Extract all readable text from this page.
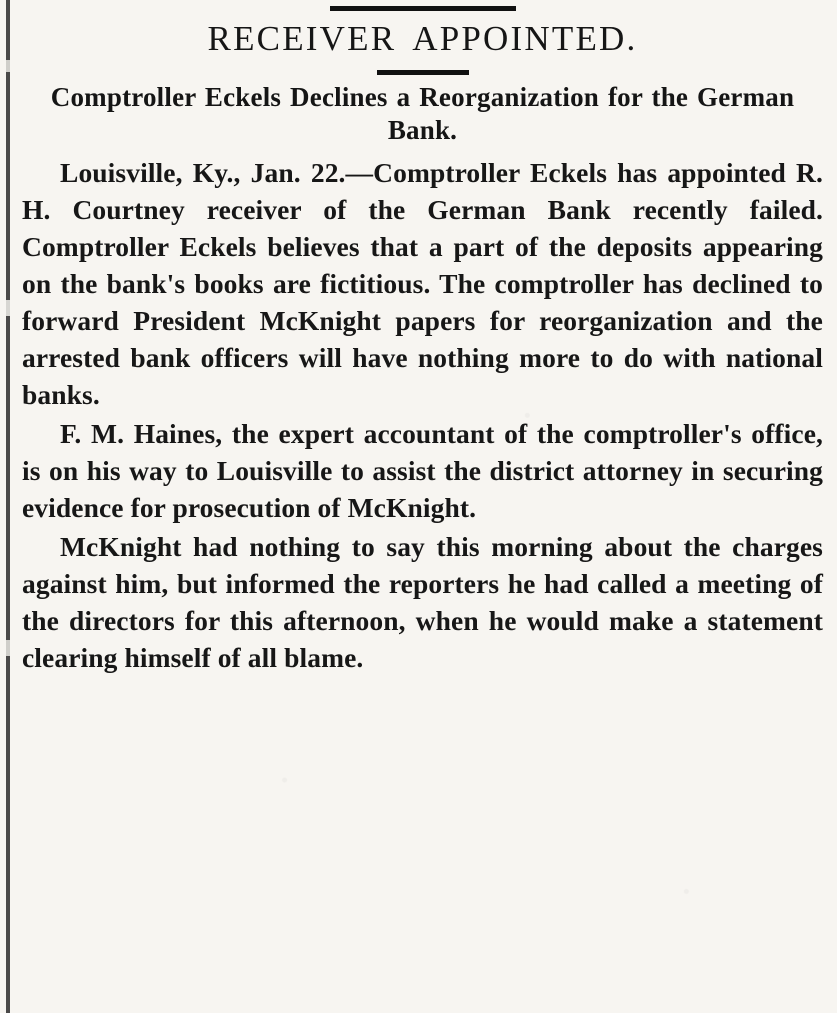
RECEIVER APPOINTED.
Comptroller Eckels Declines a Reorganization for the German Bank.

Louisville, Ky., Jan. 22.—Comptroller Eckels has appointed R. H. Courtney receiver of the German Bank recently failed. Comptroller Eckels believes that a part of the deposits appearing on the bank's books are fictitious. The comptroller has declined to forward President McKnight papers for reorganization and the arrested bank officers will have nothing more to do with national banks.

F. M. Haines, the expert accountant of the comptroller's office, is on his way to Louisville to assist the district attorney in securing evidence for prosecution of McKnight.

McKnight had nothing to say this morning about the charges against him, but informed the reporters he had called a meeting of the directors for this afternoon, when he would make a statement clearing himself of all blame.
